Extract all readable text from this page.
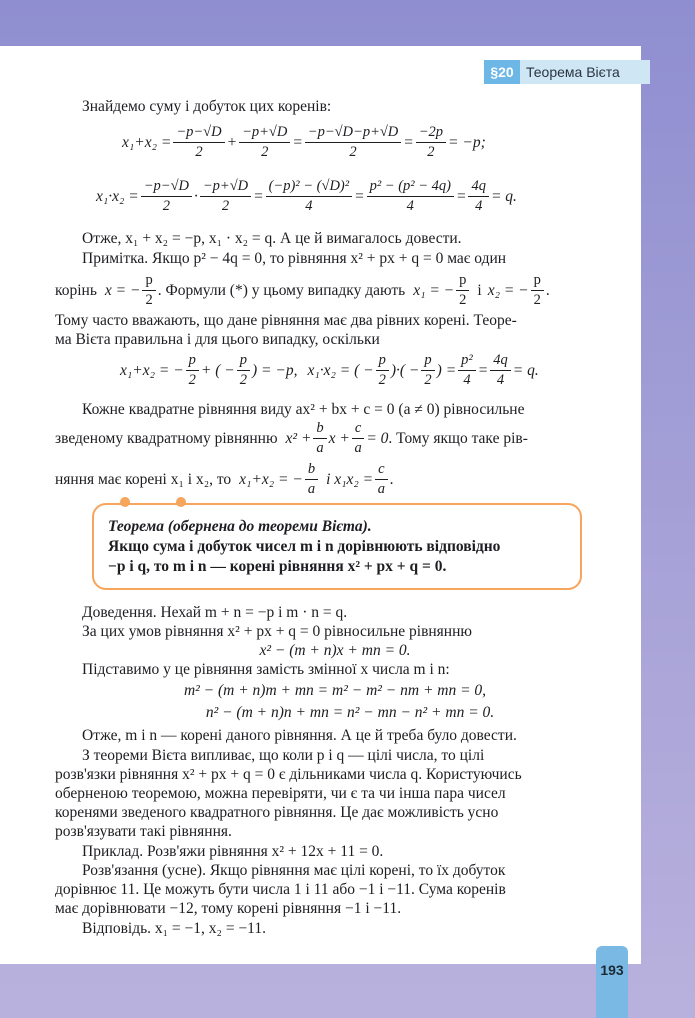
§20 Теорема Вієта
Знайдемо суму і добуток цих коренів:
$x_1+x_2 = \frac{-p-√D}{2} + \frac{-p+√D}{2} = \frac{-p-√D-p+√D}{2} = \frac{-2p}{2} = -p$;
$x_1\cdot x_2 = \frac{-p-√D}{2} \cdot \frac{-p+√D}{2} = \frac{\text{(−p)² − (√D)²}}{4} = \frac{\text{p² − (p² − 4q)}}{4} = \frac{4q}{4} = q$.
Отже, x₁ + x₂ = −p, x₁ · x₂ = q. А це й вимагалось довести.
Примітка. Якщо p² − 4q = 0, то рівняння x² + px + q = 0 має один
корінь x = − $\frac{p}{2}$ . Формули (*) у цьому випадку дають x₁ = − $\frac{p}{2}$ і x₂ = − $\frac{p}{2}$ .
Тому часто вважають, що дане рівняння має два рівних корені. Теоре-
ма Вієта правильна і для цього випадку, оскільки
x₁+x₂ = − $\frac{p}{2}$ + ( − $\frac{p}{2}$ ) = −p, x₁·x₂ = ( − $\frac{p}{2}$ )·( − $\frac{p}{2}$ ) = $\frac{\text{p²}}{4} = \frac{4q}{4} = q$.
Кожне квадратне рівняння виду ax² + bx + c = 0 (a ≠ 0) рівносильне
зведеному квадратному рівнянню $x^2 + \frac{b}{a}$ $x + \frac{c}{a} = 0$ . Тому якщо таке рів-
няння має корені x₁ і x₂, то x₁+x₂ = − $\frac{b}{a}$ і $x_1x_2 = \frac{c}{a}$ .
Теорема (обернена до теореми Вієта).
Якщо сума і добуток чисел m і n дорівнюють відповідно
−p і q, то m і n — корені рівняння x² + px + q = 0.
Доведення. Нехай m + n = −p і m · n = q.
За цих умов рівняння x² + px + q = 0 рівносильне рівнянню
x² − (m + n)x + mn = 0.
Підставимо у це рівняння замість змінної x числа m і n:
m² − (m + n)m + mn = m² − m² − nm + mn = 0,
n² − (m + n)n + mn = n² − mn − n² + mn = 0.
Отже, m і n — корені даного рівняння. А це й треба було довести.
З теореми Вієта випливає, що коли p і q — цілі числа, то цілі
розв'язки рівняння x² + px + q = 0 є дільниками числа q. Користуючись
оберненою теоремою, можна перевіряти, чи є та чи інша пара чисел
коренями зведеного квадратного рівняння. Це дає можливість усно
розв'язувати такі рівняння.
Приклад. Розв'яжи рівняння x² + 12x + 11 = 0.
Розв'язання (усне). Якщо рівняння має цілі корені, то їх добуток
дорівнює 11. Це можуть бути числа 1 і 11 або −1 і −11. Сума коренів
має дорівнювати −12, тому корені рівняння −1 і −11.
Відповідь. x₁ = −1, x₂ = −11.
193
